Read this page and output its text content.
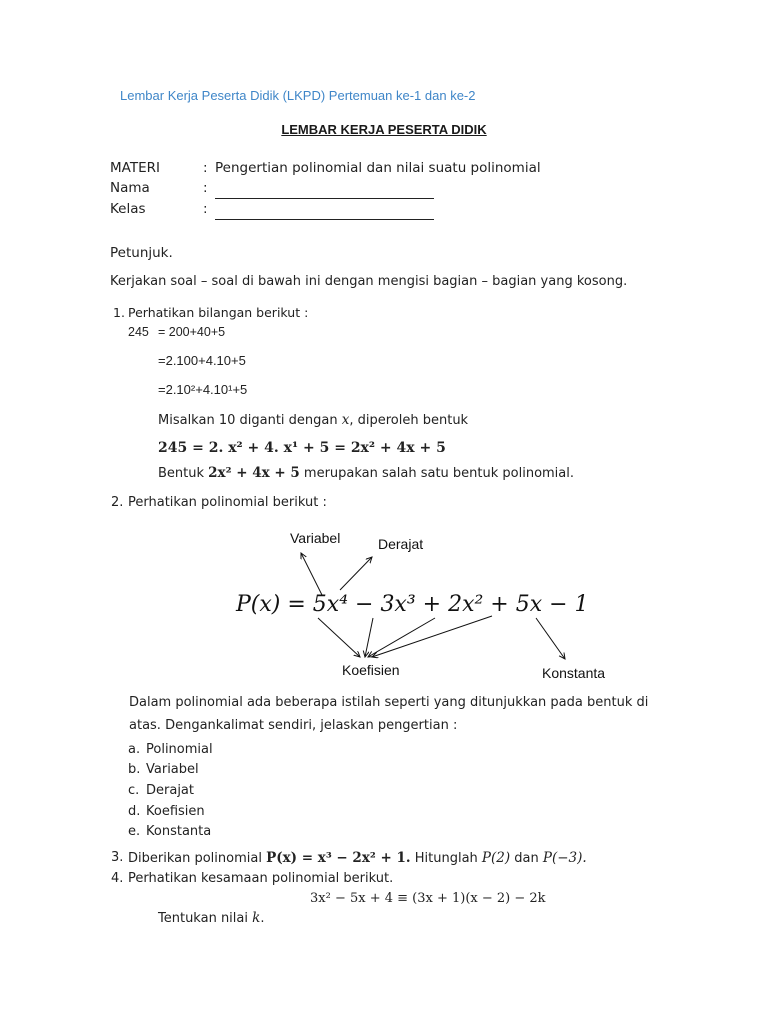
Lembar Kerja Peserta Didik (LKPD) Pertemuan ke-1 dan ke-2
LEMBAR KERJA PESERTA DIDIK
MATERI	: Pengertian polinomial dan nilai suatu polinomial
Nama	:
Kelas	:
Petunjuk.
Kerjakan soal – soal di bawah ini dengan mengisi bagian – bagian yang kosong.
1. Perhatikan bilangan berikut :
245 = 200+40+5
=2.100+4.10+5
=2.10²+4.10¹+5
Misalkan 10 diganti dengan x, diperoleh bentuk
245 = 2. x² + 4. x¹ + 5 = 2x² + 4x + 5
Bentuk 2x² + 4x + 5 merupakan salah satu bentuk polinomial.
2. Perhatikan polinomial berikut :
Variabel	Derajat
P(x) = 5x⁴ − 3x³ + 2x² + 5x − 1
Koefisien	Konstanta
Dalam polinomial ada beberapa istilah seperti yang ditunjukkan pada bentuk di
atas. Dengankalimat sendiri, jelaskan pengertian :
a. Polinomial
b. Variabel
c. Derajat
d. Koefisien
e. Konstanta
3. Diberikan polinomial P(x) = x³ − 2x² + 1. Hitunglah P(2) dan P(−3).
4. Perhatikan kesamaan polinomial berikut.
3x² − 5x + 4 ≡ (3x + 1)(x − 2) − 2k
Tentukan nilai k.
